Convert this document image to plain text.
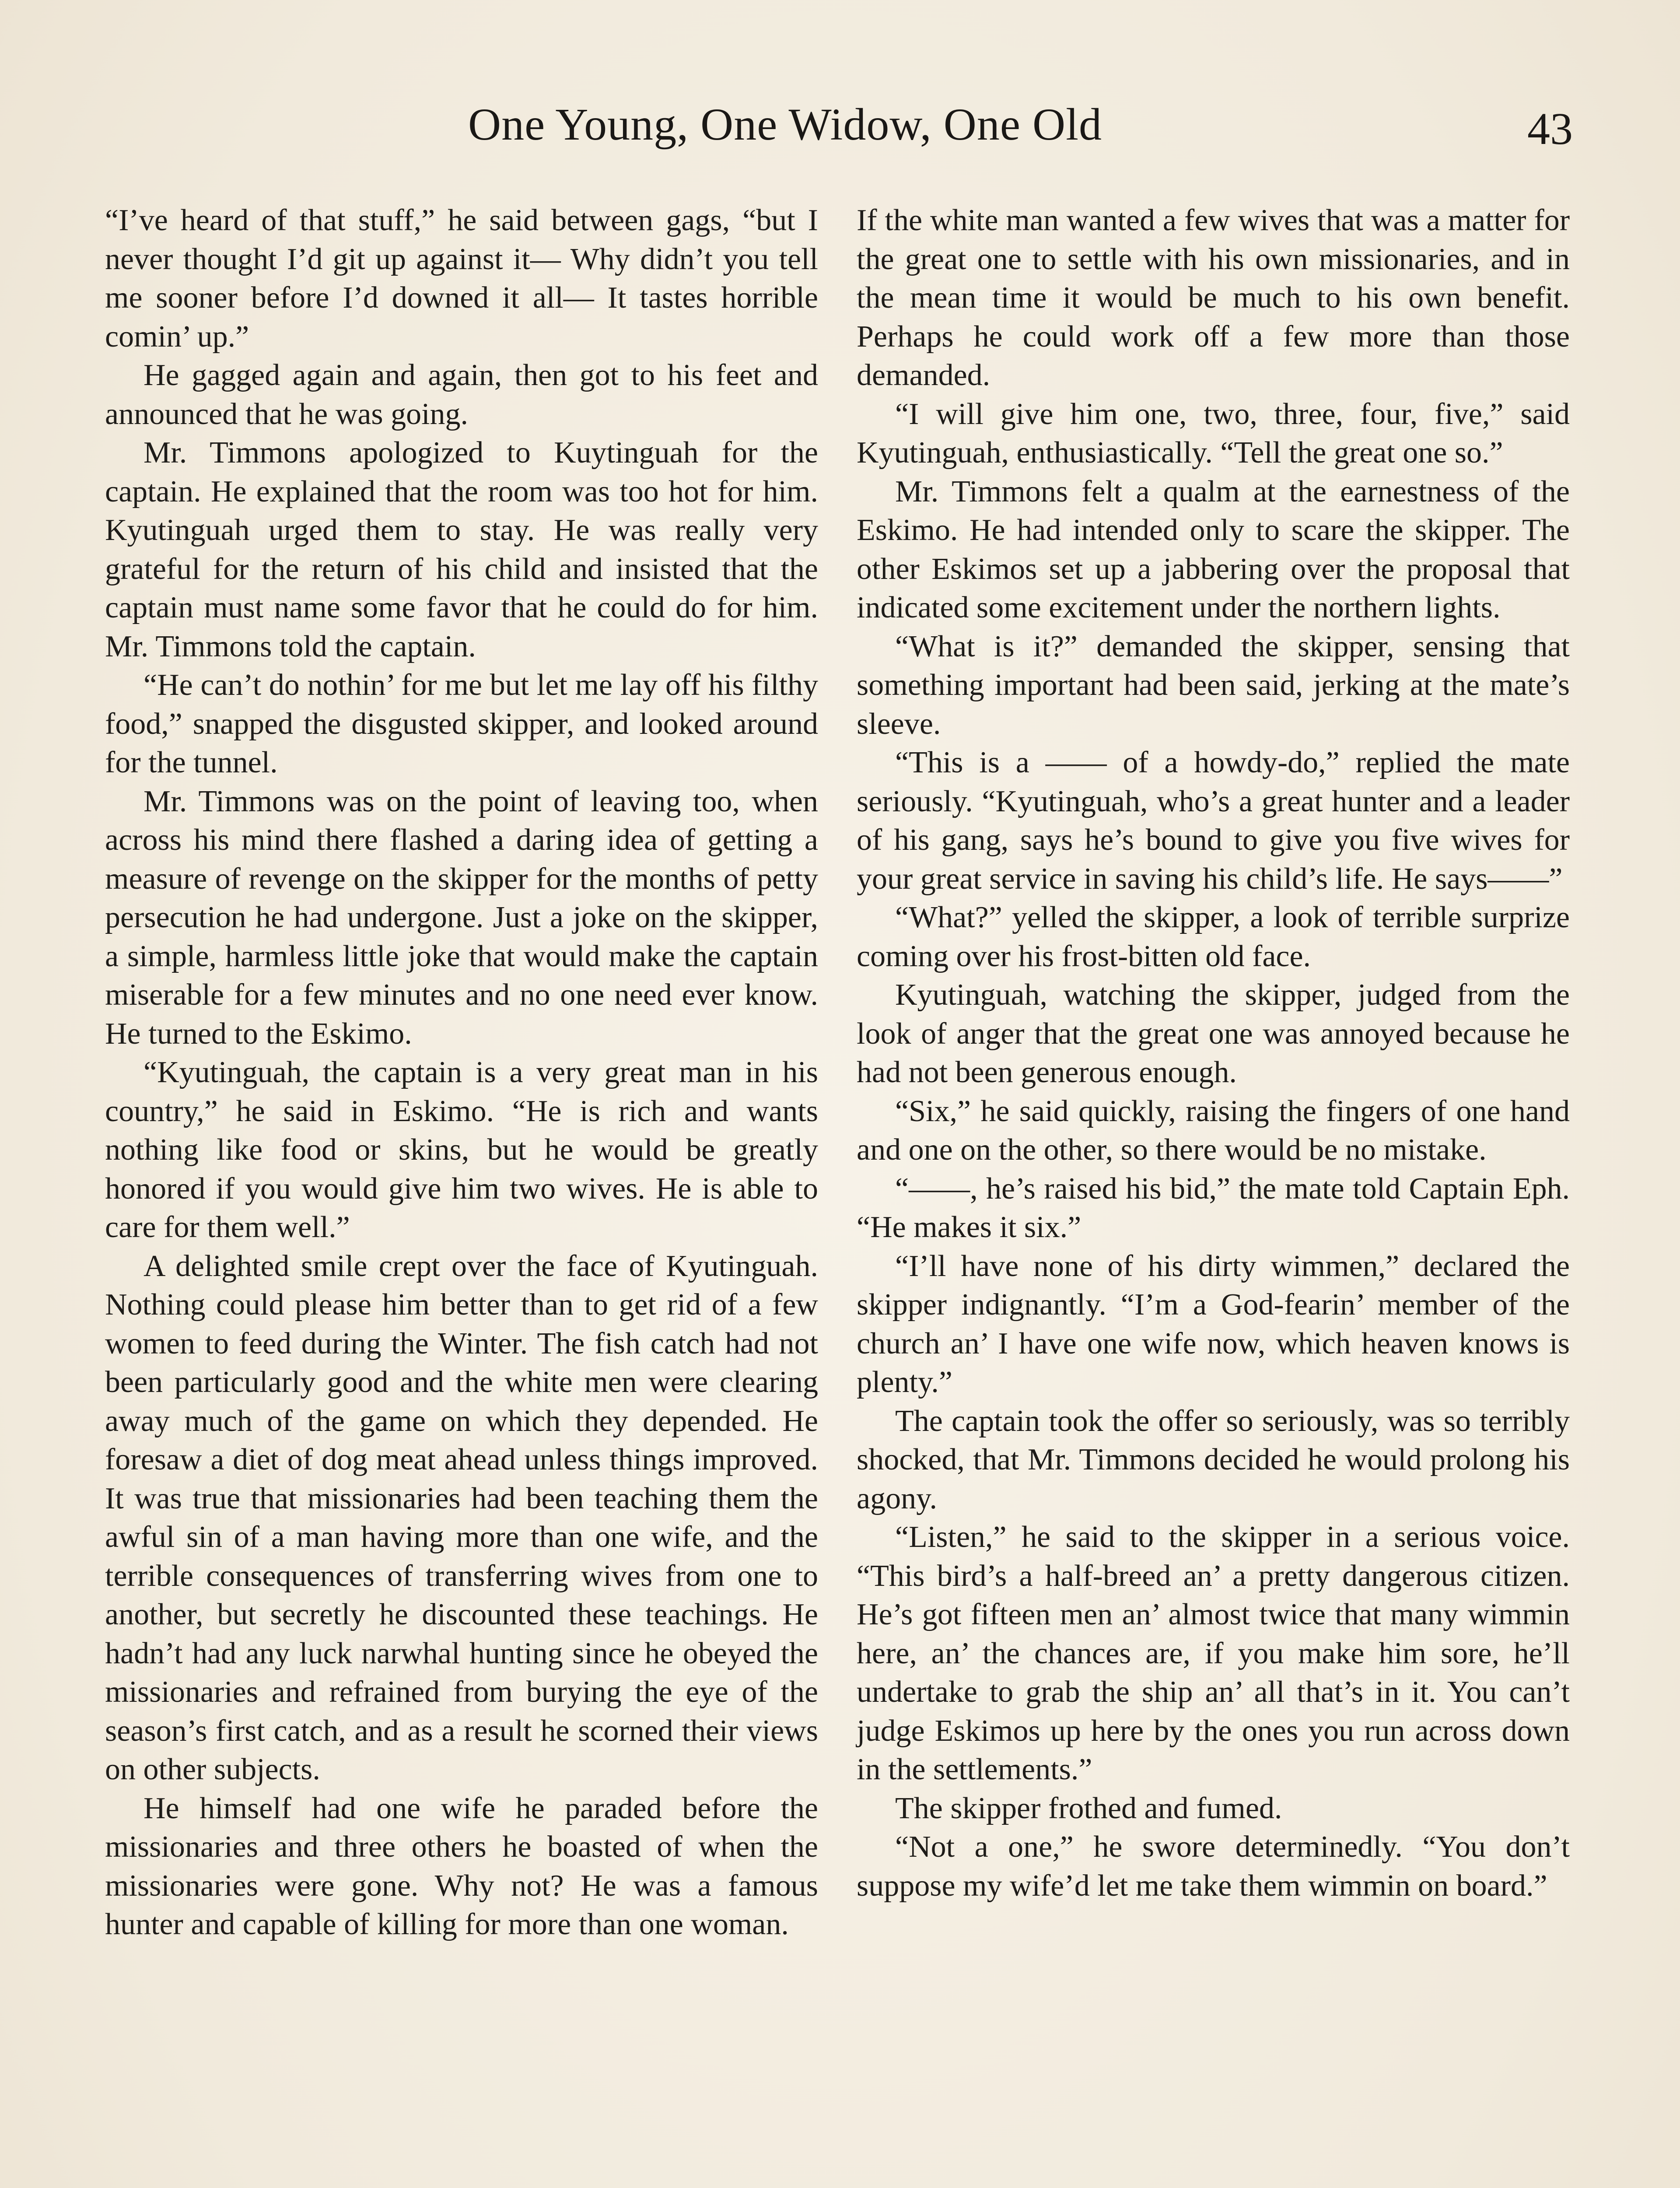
One Young, One Widow, One Old	43

“I’ve heard of that stuff,” he said between gags, “but I never thought I’d git up against it— Why didn’t you tell me sooner before I’d downed it all— It tastes horrible comin’ up.”

He gagged again and again, then got to his feet and announced that he was going.

Mr. Timmons apologized to Kuytinguah for the captain. He explained that the room was too hot for him. Kyutinguah urged them to stay. He was really very grateful for the return of his child and insisted that the captain must name some favor that he could do for him. Mr. Timmons told the captain.

“He can’t do nothin’ for me but let me lay off his filthy food,” snapped the disgusted skipper, and looked around for the tunnel.

Mr. Timmons was on the point of leaving too, when across his mind there flashed a daring idea of getting a measure of revenge on the skipper for the months of petty persecution he had undergone. Just a joke on the skipper, a simple, harmless little joke that would make the captain miserable for a few minutes and no one need ever know. He turned to the Eskimo.

“Kyutinguah, the captain is a very great man in his country,” he said in Eskimo. “He is rich and wants nothing like food or skins, but he would be greatly honored if you would give him two wives. He is able to care for them well.”

A delighted smile crept over the face of Kyutinguah. Nothing could please him better than to get rid of a few women to feed during the Winter. The fish catch had not been particularly good and the white men were clearing away much of the game on which they depended. He foresaw a diet of dog meat ahead unless things improved. It was true that missionaries had been teaching them the awful sin of a man having more than one wife, and the terrible consequences of transferring wives from one to another, but secretly he discounted these teachings. He hadn’t had any luck narwhal hunting since he obeyed the missionaries and refrained from burying the eye of the season’s first catch, and as a result he scorned their views on other subjects.

He himself had one wife he paraded before the missionaries and three others he boasted of when the missionaries were gone. Why not? He was a famous hunter and capable of killing for more than one woman.

If the white man wanted a few wives that was a matter for the great one to settle with his own missionaries, and in the mean time it would be much to his own benefit. Perhaps he could work off a few more than those demanded.

“I will give him one, two, three, four, five,” said Kyutinguah, enthusiastically. “Tell the great one so.”

Mr. Timmons felt a qualm at the earnestness of the Eskimo. He had intended only to scare the skipper. The other Eskimos set up a jabbering over the proposal that indicated some excitement under the northern lights.

“What is it?” demanded the skipper, sensing that something important had been said, jerking at the mate’s sleeve.

“This is a —— of a howdy-do,” replied the mate seriously. “Kyutinguah, who’s a great hunter and a leader of his gang, says he’s bound to give you five wives for your great service in saving his child’s life. He says——”

“What?” yelled the skipper, a look of terrible surprize coming over his frost-bitten old face.

Kyutinguah, watching the skipper, judged from the look of anger that the great one was annoyed because he had not been generous enough.

“Six,” he said quickly, raising the fingers of one hand and one on the other, so there would be no mistake.

“——, he’s raised his bid,” the mate told Captain Eph. “He makes it six.”

“I’ll have none of his dirty wimmen,” declared the skipper indignantly. “I’m a God-fearin’ member of the church an’ I have one wife now, which heaven knows is plenty.”

The captain took the offer so seriously, was so terribly shocked, that Mr. Timmons decided he would prolong his agony.

“Listen,” he said to the skipper in a serious voice. “This bird’s a half-breed an’ a pretty dangerous citizen. He’s got fifteen men an’ almost twice that many wimmin here, an’ the chances are, if you make him sore, he’ll undertake to grab the ship an’ all that’s in it. You can’t judge Eskimos up here by the ones you run across down in the settlements.”

The skipper frothed and fumed.

“Not a one,” he swore determinedly. “You don’t suppose my wife’d let me take them wimmin on board.”
